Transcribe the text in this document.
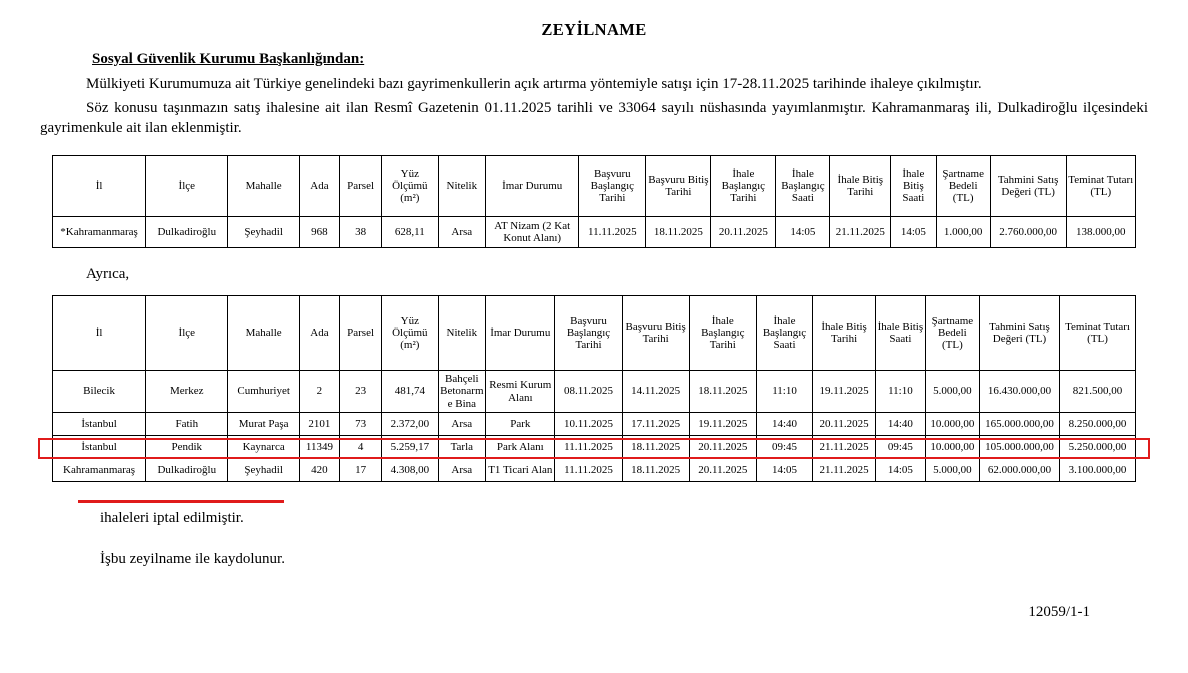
ZEYİLNAME
Sosyal Güvenlik Kurumu Başkanlığından:

Mülkiyeti Kurumumuza ait Türkiye genelindeki bazı gayrimenkullerin açık artırma yöntemiyle satışı için 17-28.11.2025 tarihinde ihaleye çıkılmıştır.

Söz konusu taşınmazın satış ihalesine ait ilan Resmî Gazetenin 01.11.2025 tarihli ve 33064 sayılı nüshasında yayımlanmıştır. Kahramanmaraş ili, Dulkadiroğlu ilçesindeki gayrimenkule ait ilan eklenmiştir.

İl	İlçe	Mahalle	Ada	Parsel	Yüz Ölçümü (m²)	Nitelik	İmar Durumu	Başvuru Başlangıç Tarihi	Başvuru Bitiş Tarihi	İhale Başlangıç Tarihi	İhale Başlangıç Saati	İhale Bitiş Tarihi	İhale Bitiş Saati	Şartname Bedeli (TL)	Tahmini Satış Değeri (TL)	Teminat Tutarı (TL)
*Kahramanmaraş	Dulkadiroğlu	Şeyhadil	968	38	628,11	Arsa	AT Nizam (2 Kat Konut Alanı)	11.11.2025	18.11.2025	20.11.2025	14:05	21.11.2025	14:05	1.000,00	2.760.000,00	138.000,00
Ayrıca,
İl	İlçe	Mahalle	Ada	Parsel	Yüz Ölçümü (m²)	Nitelik	İmar Durumu	Başvuru Başlangıç Tarihi	Başvuru Bitiş Tarihi	İhale Başlangıç Tarihi	İhale Başlangıç Saati	İhale Bitiş Tarihi	İhale Bitiş Saati	Şartname Bedeli (TL)	Tahmini Satış Değeri (TL)	Teminat Tutarı (TL)
Bilecik	Merkez	Cumhuriyet	2	23	481,74	Bahçeli Betonarme Bina	Resmi Kurum Alanı	08.11.2025	14.11.2025	18.11.2025	11:10	19.11.2025	11:10	5.000,00	16.430.000,00	821.500,00
İstanbul	Fatih	Murat Paşa	2101	73	2.372,00	Arsa	Park	10.11.2025	17.11.2025	19.11.2025	14:40	20.11.2025	14:40	10.000,00	165.000.000,00	8.250.000,00
İstanbul	Pendik	Kaynarca	11349	4	5.259,17	Tarla	Park Alanı	11.11.2025	18.11.2025	20.11.2025	09:45	21.11.2025	09:45	10.000,00	105.000.000,00	5.250.000,00
Kahramanmaraş	Dulkadiroğlu	Şeyhadil	420	17	4.308,00	Arsa	T1 Ticari Alan	11.11.2025	18.11.2025	20.11.2025	14:05	21.11.2025	14:05	5.000,00	62.000.000,00	3.100.000,00
ihaleleri iptal edilmiştir.
İşbu zeyilname ile kaydolunur.
12059/1-1
